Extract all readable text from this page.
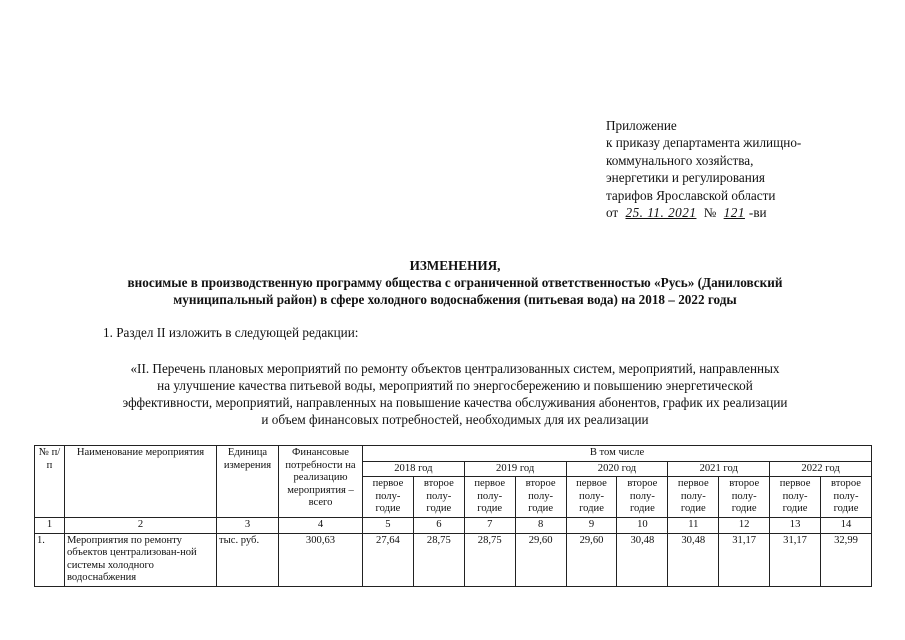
Приложение
к приказу департамента жилищно-
коммунального хозяйства,
энергетики и регулирования
тарифов Ярославской области
от 25. 11. 2021 № 121 -ви
ИЗМЕНЕНИЯ,
вносимые в производственную программу общества с ограниченной ответственностью «Русь» (Даниловский
муниципальный район) в сфере холодного водоснабжения (питьевая вода) на 2018 – 2022 годы
1. Раздел II изложить в следующей редакции:
«II. Перечень плановых мероприятий по ремонту объектов централизованных систем, мероприятий, направленных
на улучшение качества питьевой воды, мероприятий по энергосбережению и повышению энергетической
эффективности, мероприятий, направленных на повышение качества обслуживания абонентов, график их реализации
и объем финансовых потребностей, необходимых для их реализации
№ п/п	Наименование мероприятия	Единица измерения	Финансовые потребности на реализацию мероприятия – всего	В том числе									
				2018 год		2019 год		2020 год		2021 год		2022 год	
				первое полу-годие	второе полу-годие	первое полу-годие	второе полу-годие	первое полу-годие	второе полу-годие	первое полу-годие	второе полу-годие	первое полу-годие	второе полу-годие
1	2	3	4	5	6	7	8	9	10	11	12	13	14
1.	Мероприятия по ремонту объектов централизован-ной системы холодного водоснабжения	тыс. руб.	300,63	27,64	28,75	28,75	29,60	29,60	30,48	30,48	31,17	31,17	32,99
